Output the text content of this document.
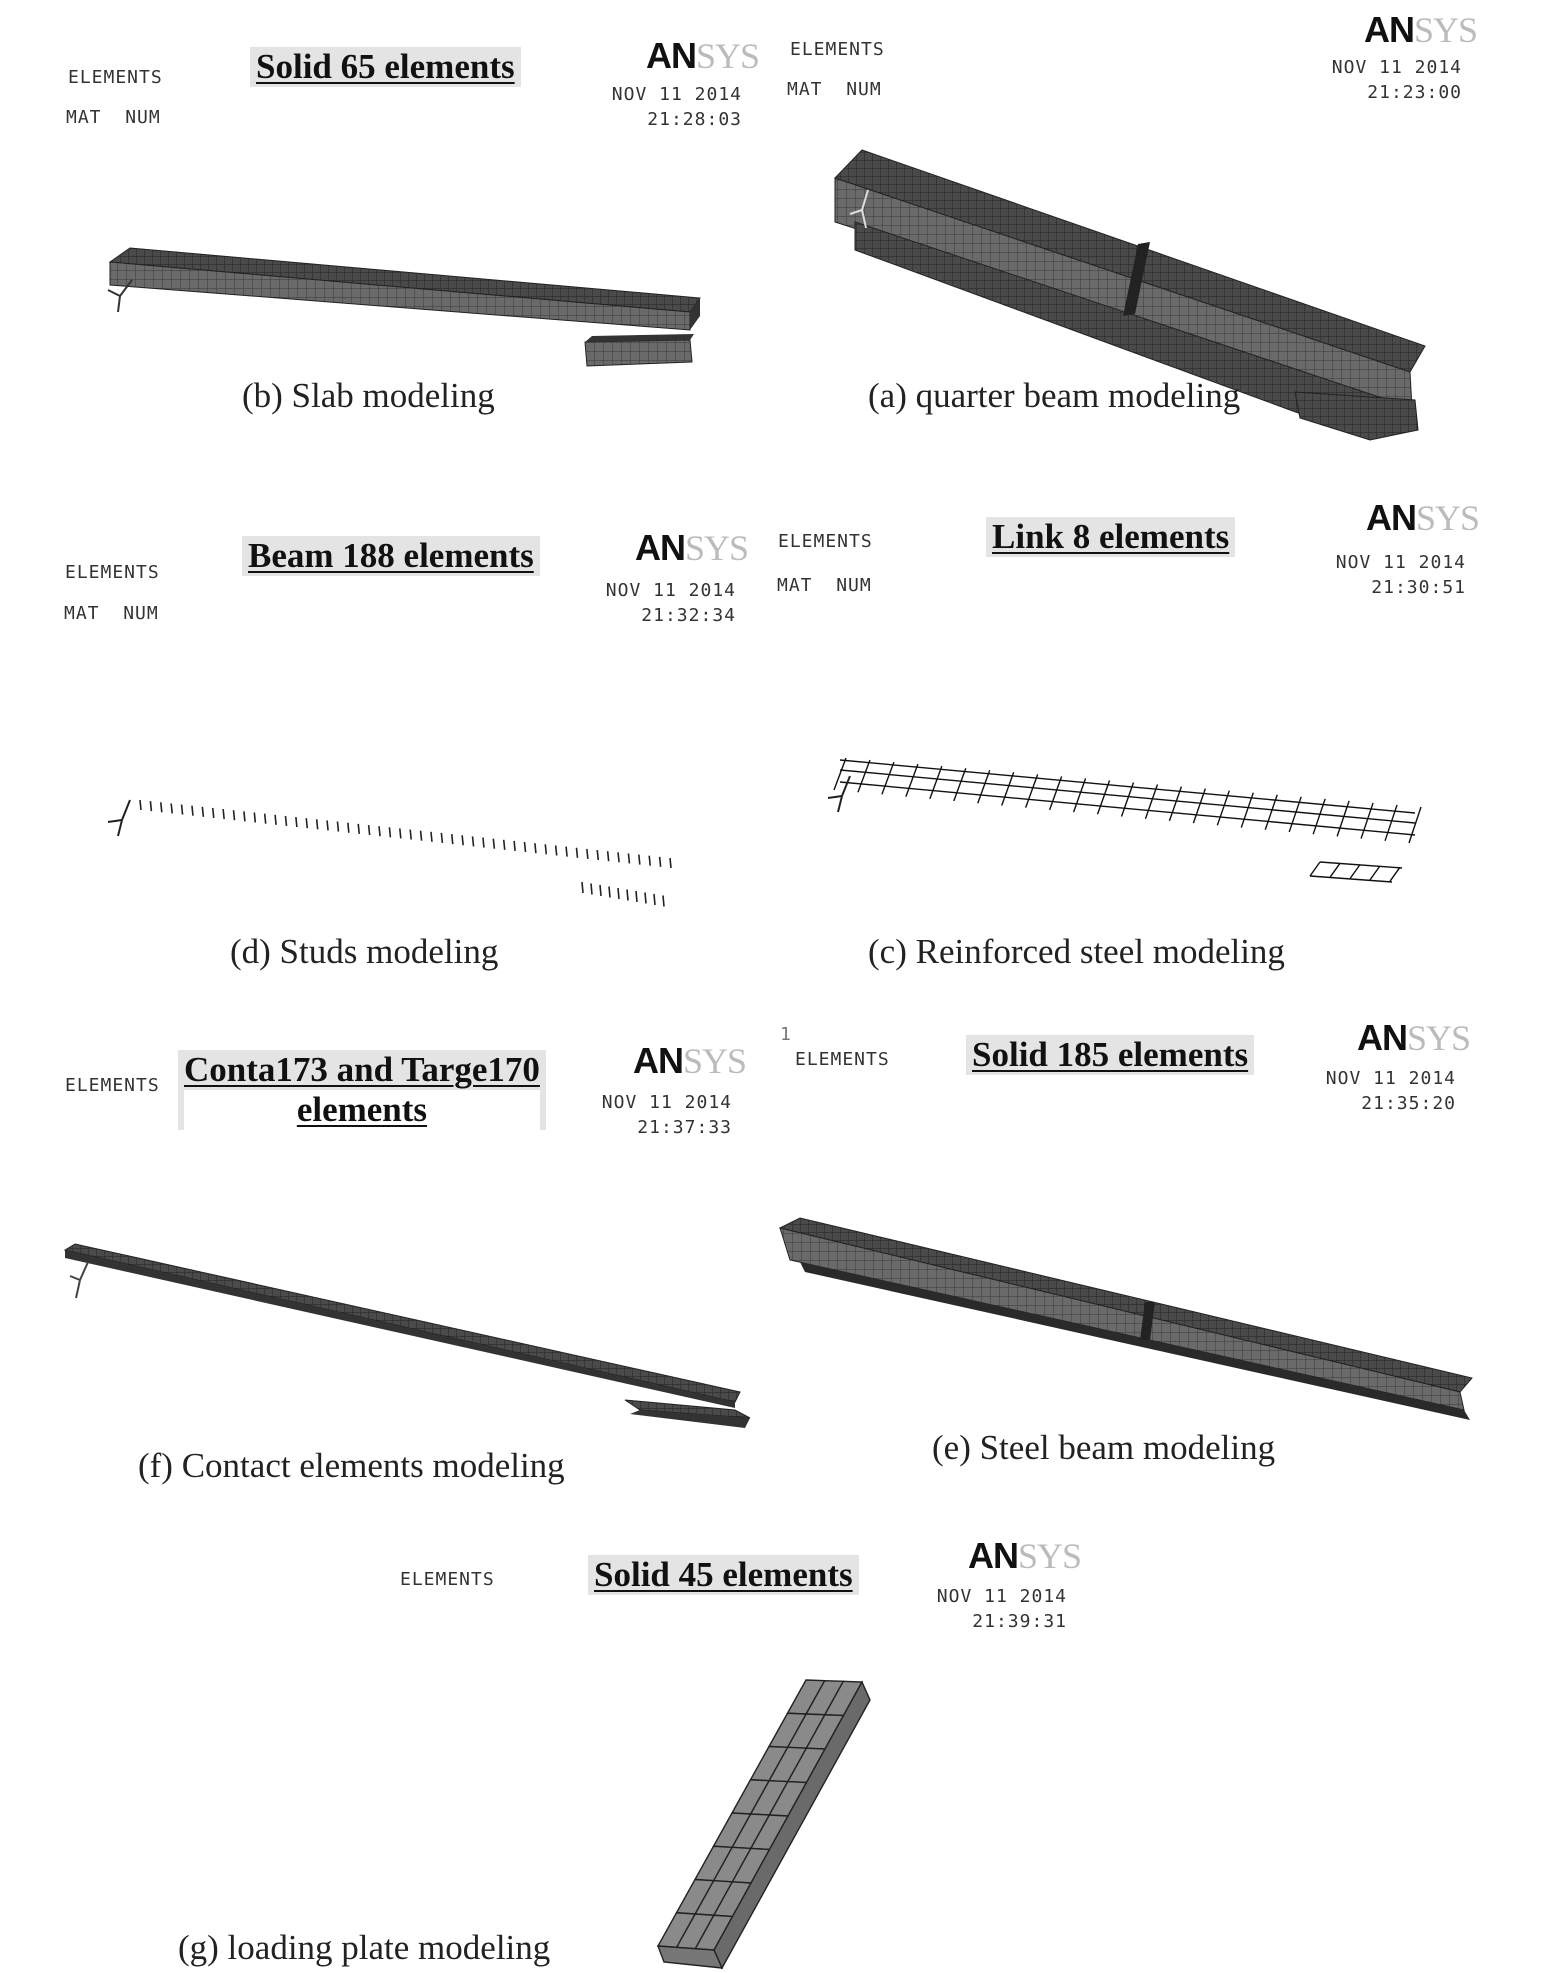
ELEMENTS
MAT NUM
Solid 65 elements	ANSYS
NOV 11 2014
21:28:03
(b) Slab modeling
ELEMENTS
MAT NUM
ANSYS
NOV 11 2014
21:23:00
(a) quarter beam modeling
ELEMENTS
MAT NUM
Beam 188 elements	ANSYS
NOV 11 2014
21:32:34
(d) Studs modeling
ELEMENTS
MAT NUM
Link 8 elements	ANSYS
NOV 11 2014
21:30:51
(c) Reinforced steel modeling
ELEMENTS Conta173 and Targe170
elements
ANSYS
NOV 11 2014
21:37:33
(f) Contact elements modeling
1
ELEMENTS Solid 185 elements	ANSYS
NOV 11 2014
21:35:20
(e) Steel beam modeling
ELEMENTS	Solid 45 elements	ANSYS
NOV 11 2014
21:39:31
(g) loading plate modeling
